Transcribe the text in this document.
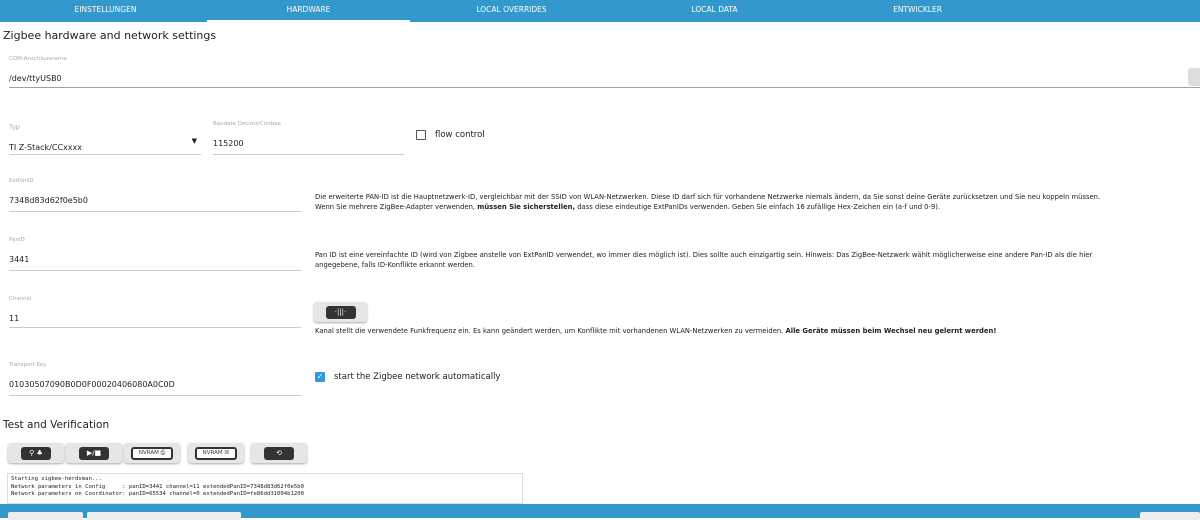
EINSTELLUNGEN	HARDWARE	LOCAL OVERRIDES	LOCAL DATA	ENTWICKLER
Zigbee hardware and network settings
COM-Anschlussname
/dev/ttyUSB0
Typ
TI Z-Stack/CCxxxx
▼
Baudate Deconz/Conbee
115200
flow control
ExtPanID
7348d83d62f0e5b0	Die erweiterte PAN-ID ist die Hauptnetzwerk-ID, vergleichbar mit der SSID von WLAN-Netzwerken. Diese ID darf sich für vorhandene Netzwerke niemals ändern, da Sie sonst deine Geräte zurücksetzen und Sie neu koppeln müssen. Wenn Sie mehrere ZigBee-Adapter verwenden, müssen Sie sicherstellen, dass diese eindeutige ExtPanIDs verwenden. Geben Sie einfach 16 zufällige Hex-Zeichen ein (a-f und 0-9).
PanID
3441	Pan ID ist eine vereinfachte ID (wird von Zigbee anstelle von ExtPanID verwendet, wo immer dies möglich ist). Dies sollte auch einzigartig sein. Hinweis: Das ZigBee-Netzwerk wählt möglicherweise eine andere Pan-ID als die hier angegebene, falls ID-Konflikte erkannt werden.
Channel
11
·|||·
Kanal stellt die verwendete Funkfrequenz ein. Es kann geändert werden, um Konflikte mit vorhandenen WLAN-Netzwerken zu vermeiden. Alle Geräte müssen beim Wechsel neu gelernt werden!
Transport Key
01030507090B0D0F00020406080A0C0D
✓ start the Zigbee network automatically
Test and Verification
⚲ ♣	▶/■	NVRAM ⎙	NVRAM ☒	⟲
Starting zigbee-herdsman...
Network parameters in Config     : panID=3441 channel=11 extendedPanID=7348d83d62f0e5b0
Network parameters on Coordinator: panID=65534 channel=0 extendedPanID=fe86dd31004b1200
